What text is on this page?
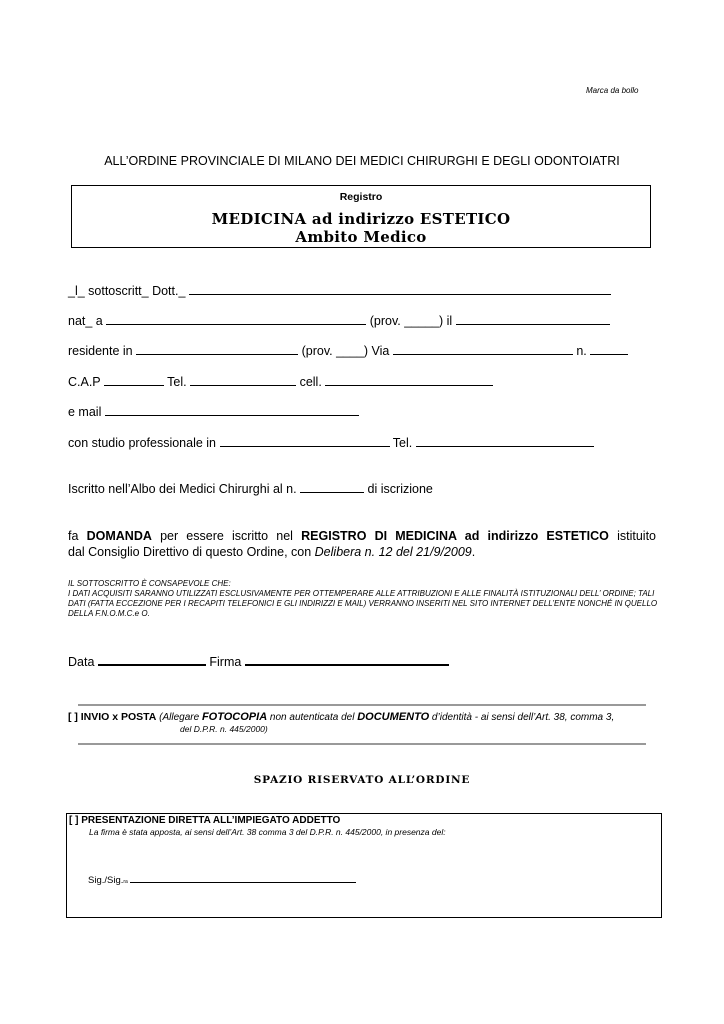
Marca da bollo
ALL’ORDINE PROVINCIALE DI MILANO DEI MEDICI CHIRURGHI E DEGLI ODONTOIATRI
Registro
MEDICINA ad indirizzo ESTETICO
Ambito Medico
_l_ sottoscritt_ Dott._
nat_ a	(prov. _____) il
residente in	(prov. ____) Via	n.
C.A.P	Tel.	cell.
e mail
con studio professionale in	Tel.
Iscritto nell’Albo dei Medici Chirurghi al n.	di iscrizione
fa DOMANDA per essere iscritto nel REGISTRO DI MEDICINA ad indirizzo ESTETICO istituito
dal Consiglio Direttivo di questo Ordine, con Delibera n. 12 del 21/9/2009.
IL SOTTOSCRITTO È CONSAPEVOLE CHE:
I DATI ACQUISITI SARANNO UTILIZZATI ESCLUSIVAMENTE PER OTTEMPERARE ALLE ATTRIBUZIONI E ALLE FINALITÀ ISTITUZIONALI DELL’ ORDINE; TALI DATI (FATTA ECCEZIONE PER I RECAPITI TELEFONICI E GLI INDIRIZZI E MAIL) VERRANNO INSERITI NEL SITO INTERNET DELL’ENTE NONCHÉ IN QUELLO DELLA F.N.O.M.C.e O.
Data	Firma
[ ] INVIO x POSTA (Allegare FOTOCOPIA non autenticata del DOCUMENTO d’identità - ai sensi dell’Art. 38, comma 3,
del D.P.R. n. 445/2000)
SPAZIO RISERVATO ALL’ORDINE
[ ] PRESENTAZIONE DIRETTA ALL’IMPIEGATO ADDETTO
La firma è stata apposta, ai sensi dell’Art. 38 comma 3 del D.P.R. n. 445/2000, in presenza del:
Sig./Sig.ra
